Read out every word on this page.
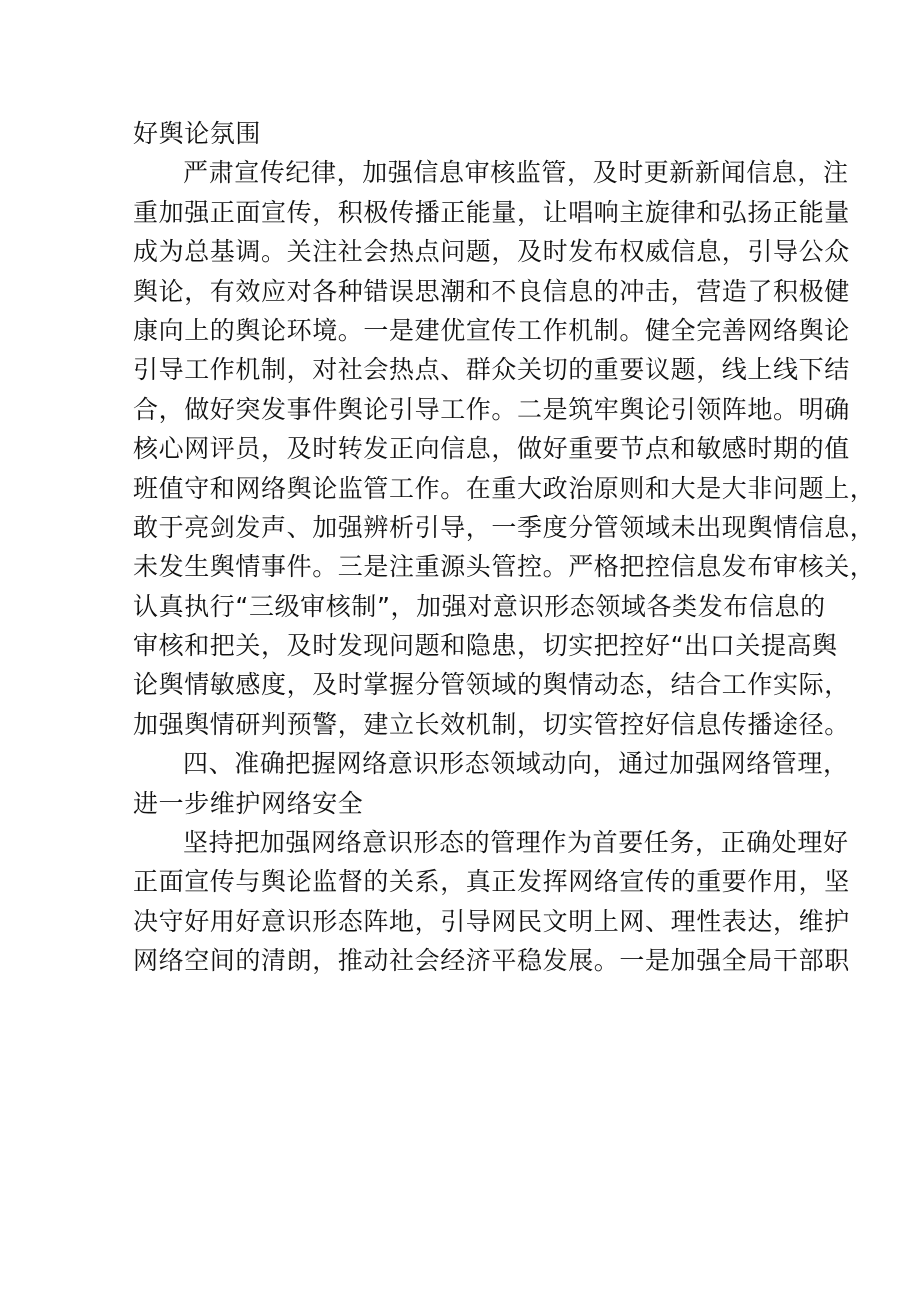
好舆论氛围
严肃宣传纪律，加强信息审核监管，及时更新新闻信息，注
重加强正面宣传，积极传播正能量，让唱响主旋律和弘扬正能量
成为总基调。关注社会热点问题，及时发布权威信息，引导公众
舆论，有效应对各种错误思潮和不良信息的冲击，营造了积极健
康向上的舆论环境。一是建优宣传工作机制。健全完善网络舆论
引导工作机制，对社会热点、群众关切的重要议题，线上线下结
合，做好突发事件舆论引导工作。二是筑牢舆论引领阵地。明确
核心网评员，及时转发正向信息，做好重要节点和敏感时期的值
班值守和网络舆论监管工作。在重大政治原则和大是大非问题上，
敢于亮剑发声、加强辨析引导，一季度分管领域未出现舆情信息，
未发生舆情事件。三是注重源头管控。严格把控信息发布审核关，
认真执行“三级审核制”，加强对意识形态领域各类发布信息的
审核和把关，及时发现问题和隐患，切实把控好“出口关提高舆
论舆情敏感度，及时掌握分管领域的舆情动态，结合工作实际，
加强舆情研判预警，建立长效机制，切实管控好信息传播途径。
四、准确把握网络意识形态领域动向，通过加强网络管理，
进一步维护网络安全
坚持把加强网络意识形态的管理作为首要任务，正确处理好
正面宣传与舆论监督的关系，真正发挥网络宣传的重要作用，坚
决守好用好意识形态阵地，引导网民文明上网、理性表达，维护
网络空间的清朗，推动社会经济平稳发展。一是加强全局干部职
